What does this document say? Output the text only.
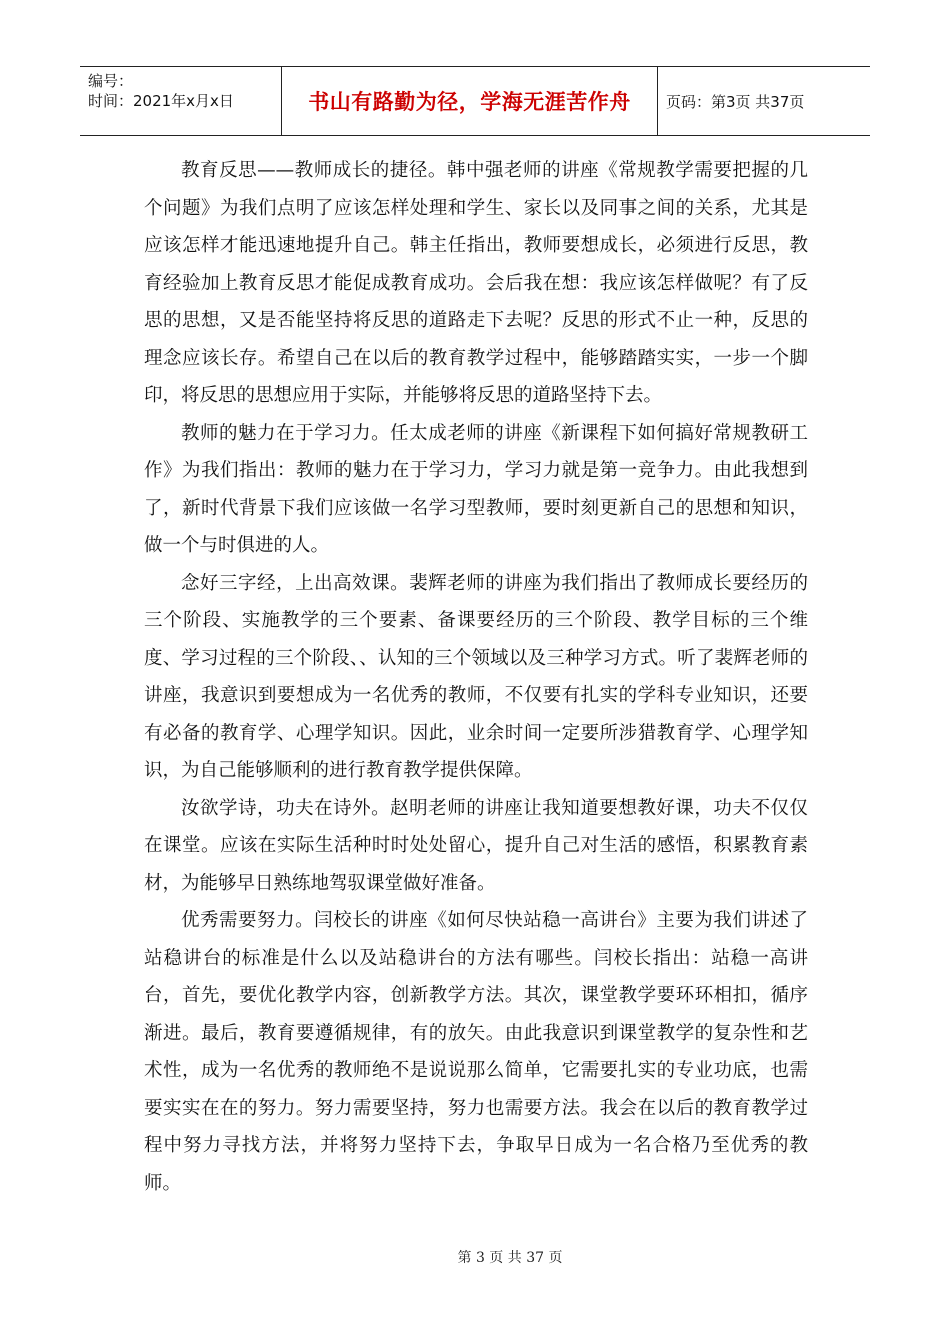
编号：
时间：2021年x月x日	书山有路勤为径，学海无涯苦作舟	页码：第3页 共37页

教育反思——教师成长的捷径。韩中强老师的讲座《常规教学需要把握的几个问题》为我们点明了应该怎样处理和学生、家长以及同事之间的关系，尤其是应该怎样才能迅速地提升自己。韩主任指出，教师要想成长，必须进行反思，教育经验加上教育反思才能促成教育成功。会后我在想：我应该怎样做呢？有了反思的思想，又是否能坚持将反思的道路走下去呢？反思的形式不止一种，反思的理念应该长存。希望自己在以后的教育教学过程中，能够踏踏实实，一步一个脚印，将反思的思想应用于实际，并能够将反思的道路坚持下去。

教师的魅力在于学习力。任太成老师的讲座《新课程下如何搞好常规教研工作》为我们指出：教师的魅力在于学习力，学习力就是第一竞争力。由此我想到了，新时代背景下我们应该做一名学习型教师，要时刻更新自己的思想和知识，做一个与时俱进的人。

念好三字经，上出高效课。裴辉老师的讲座为我们指出了教师成长要经历的三个阶段、实施教学的三个要素、备课要经历的三个阶段、教学目标的三个维度、学习过程的三个阶段、、认知的三个领域以及三种学习方式。听了裴辉老师的讲座，我意识到要想成为一名优秀的教师，不仅要有扎实的学科专业知识，还要有必备的教育学、心理学知识。因此，业余时间一定要所涉猎教育学、心理学知识，为自己能够顺利的进行教育教学提供保障。

汝欲学诗，功夫在诗外。赵明老师的讲座让我知道要想教好课，功夫不仅仅在课堂。应该在实际生活种时时处处留心，提升自己对生活的感悟，积累教育素材，为能够早日熟练地驾驭课堂做好准备。

优秀需要努力。闫校长的讲座《如何尽快站稳一高讲台》主要为我们讲述了站稳讲台的标准是什么以及站稳讲台的方法有哪些。闫校长指出：站稳一高讲台，首先，要优化教学内容，创新教学方法。其次，课堂教学要环环相扣，循序渐进。最后，教育要遵循规律，有的放矢。由此我意识到课堂教学的复杂性和艺术性，成为一名优秀的教师绝不是说说那么简单，它需要扎实的专业功底，也需要实实在在的努力。努力需要坚持，努力也需要方法。我会在以后的教育教学过程中努力寻找方法，并将努力坚持下去，争取早日成为一名合格乃至优秀的教师。

第 3 页 共 37 页
